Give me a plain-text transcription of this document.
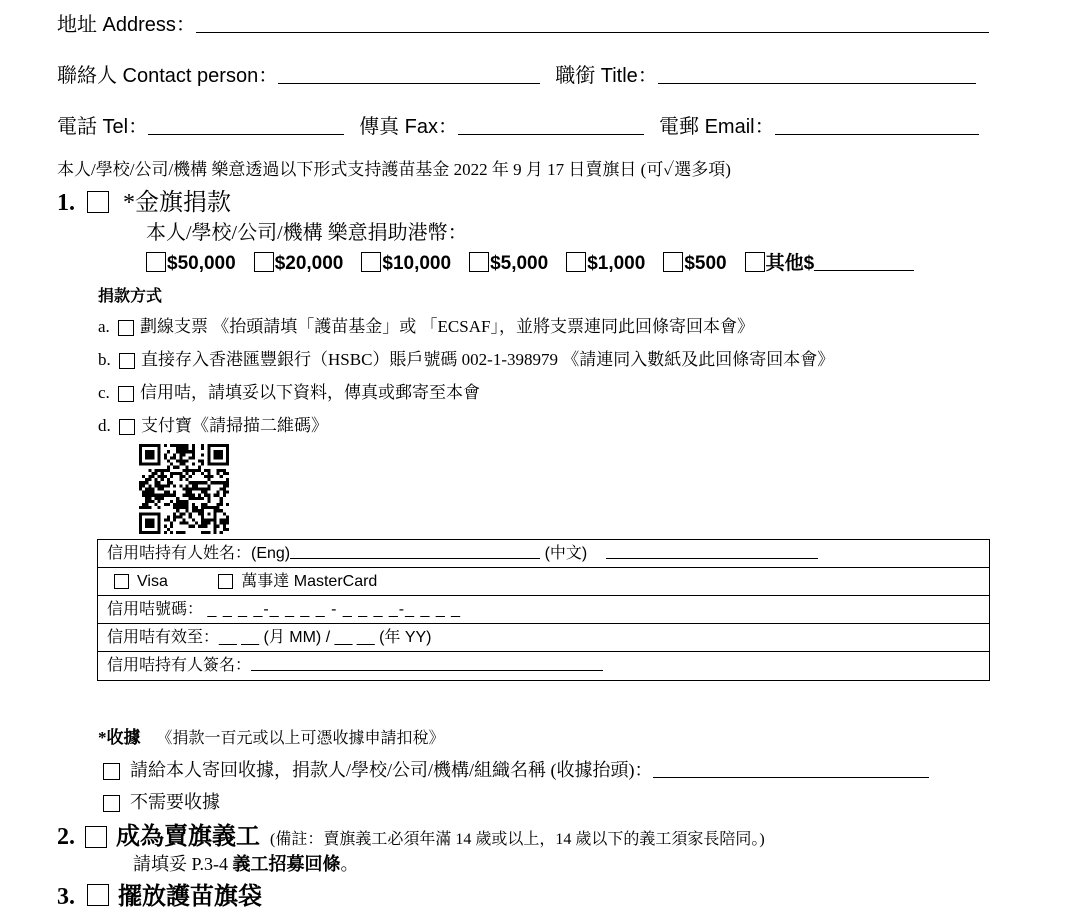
地址 Address：
聯絡人 Contact person：	職銜 Title：
電話 Tel：	傳真 Fax：	電郵 Email：
本人/學校/公司/機構 樂意透過以下形式支持護苗基金 2022 年 9 月 17 日賣旗日 (可✓選多項)
1. *金旗捐款
本人/學校/公司/機構 樂意捐助港幣：
$50,000 $20,000 $10,000 $5,000 $1,000 $500 其他$
捐款方式
a. 劃線支票 《抬頭請填「護苗基金」或 「ECSAF」，並將支票連同此回條寄回本會》
b. 直接存入香港匯豐銀行（HSBC）賬戶號碼 002-1-398979 《請連同入數紙及此回條寄回本會》
c. 信用咭，請填妥以下資料，傳真或郵寄至本會
d. 支付寶《請掃描二維碼》
信用咭持有人姓名：(Eng)	(中文)
Visa	萬事達 MasterCard
信用咭號碼： _ _ _ _-_ _ _ _ - _ _ _ _-_ _ _ _
信用咭有效至：__ __ (月 MM) / __ __ (年 YY)
信用咭持有人簽名：
*收據 《捐款一百元或以上可憑收據申請扣稅》
請給本人寄回收據，捐款人/學校/公司/機構/組織名稱 (收據抬頭)：
不需要收據
2. 成為賣旗義工 (備註：賣旗義工必須年滿 14 歲或以上，14 歲以下的義工須家長陪同。)
請填妥 P.3-4 義工招募回條。
3. 擺放護苗旗袋
